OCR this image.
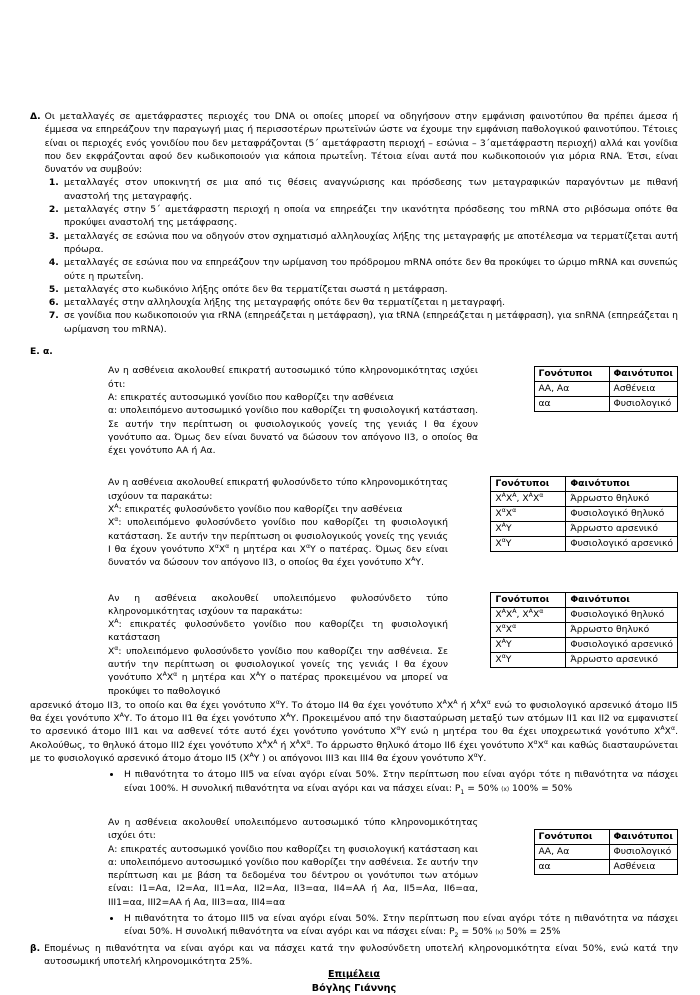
Δ. Οι μεταλλαγές σε αμετάφραστες περιοχές του DNA οι οποίες μπορεί να οδηγήσουν στην εμφάνιση φαινοτύπου θα πρέπει άμεσα ή έμμεσα να επηρεάζουν την παραγωγή μιας ή περισσοτέρων πρωτεϊνών ώστε να έχουμε την εμφάνιση παθολογικού φαινοτύπου. Τέτοιες είναι οι περιοχές ενός γονιδίου που δεν μεταφράζονται (5΄ αμετάφραστη περιοχή – εσώνια – 3΄αμετάφραστη περιοχή) αλλά και γονίδια που δεν εκφράζονται αφού δεν κωδικοποιούν για κάποια πρωτεΐνη. Τέτοια είναι αυτά που κωδικοποιούν για μόρια RNA. Έτσι, είναι δυνατόν να συμβούν:

1. μεταλλαγές στον υποκινητή σε μια από τις θέσεις αναγνώρισης και πρόσδεσης των μεταγραφικών παραγόντων με πιθανή αναστολή της μεταγραφής.
2. μεταλλαγές στην 5΄ αμετάφραστη περιοχή η οποία να επηρεάζει την ικανότητα πρόσδεσης του mRNA στο ριβόσωμα οπότε θα προκύψει αναστολή της μετάφρασης.
3. μεταλλαγές σε εσώνια που να οδηγούν στον σχηματισμό αλληλουχίας λήξης της μεταγραφής με αποτέλεσμα να τερματίζεται αυτή πρόωρα.
4. μεταλλαγές σε εσώνια που να επηρεάζουν την ωρίμανση του πρόδρομου mRNA οπότε δεν θα προκύψει το ώριμο mRNA και συνεπώς ούτε η πρωτεΐνη.
5. μεταλλαγές στο κωδικόνιο λήξης οπότε δεν θα τερματίζεται σωστά η μετάφραση.
6. μεταλλαγές στην αλληλουχία λήξης της μεταγραφής οπότε δεν θα τερματίζεται η μεταγραφή.
7. σε γονίδια που κωδικοποιούν για rRNA (επηρεάζεται η μετάφραση), για tRNA (επηρεάζεται η μετάφραση), για snRNA (επηρεάζεται η ωρίμανση του mRNA).
Ε. α.
Γονότυποι	Φαινότυποι
ΑΑ, Αα	Ασθένεια
αα	Φυσιολογικό
Αν η ασθένεια ακολουθεί επικρατή αυτοσωμικό τύπο κληρονομικότητας ισχύει ότι:
Α: επικρατές αυτοσωμικό γονίδιο που καθορίζει την ασθένεια
α: υπολειπόμενο αυτοσωμικό γονίδιο που καθορίζει τη φυσιολογική κατάσταση. Σε αυτήν την περίπτωση οι φυσιολογικούς γονείς της γενιάς Ι θα έχουν γονότυπο αα. Όμως δεν είναι δυνατό να δώσουν τον απόγονο ΙΙ3, ο οποίος θα έχει γονότυπο ΑΑ ή Αα.
Γονότυποι	Φαινότυποι
$X^AX^A$, $X^AX^\alpha$	Άρρωστο θηλυκό
$X^\alpha X^\alpha$	Φυσιολογικό θηλυκό
$X^A\Upsilon$	Άρρωστο αρσενικό
$X^\alpha\Upsilon$	Φυσιολογικό αρσενικό
Αν η ασθένεια ακολουθεί επικρατή φυλοσύνδετο τύπο κληρονομικότητας ισχύουν τα παρακάτω:
$X^A$: επικρατές φυλοσύνδετο γονίδιο που καθορίζει την ασθένεια
$X^\alpha$: υπολειπόμενο φυλοσύνδετο γονίδιο που καθορίζει τη φυσιολογική κατάσταση. Σε αυτήν την περίπτωση οι φυσιολογικούς γονείς της γενιάς Ι θα έχουν γονότυπο $X^\alpha X^\alpha$ η μητέρα και $X^\alpha\Upsilon$ ο πατέρας. Όμως δεν είναι δυνατόν να δώσουν τον απόγονο ΙΙ3, ο οποίος θα έχει γονότυπο $X^A\Upsilon$.
Γονότυποι	Φαινότυποι
$X^AX^A$, $X^AX^\alpha$	Φυσιολογικό θηλυκό
$X^\alpha X^\alpha$	Άρρωστο θηλυκό
$X^A\Upsilon$	Φυσιολογικό αρσενικό
$X^\alpha\Upsilon$	Άρρωστο αρσενικό
Αν η ασθένεια ακολουθεί υπολειπόμενο φυλοσύνδετο τύπο κληρονομικότητας ισχύουν τα παρακάτω:
$X^A$: επικρατές φυλοσύνδετο γονίδιο που καθορίζει τη φυσιολογική κατάσταση
$X^\alpha$: υπολειπόμενο φυλοσύνδετο γονίδιο που καθορίζει την ασθένεια. Σε αυτήν την περίπτωση οι φυσιολογικοί γονείς της γενιάς Ι θα έχουν γονότυπο $X^AX^\alpha$ η μητέρα και $X^A\Upsilon$ ο πατέρας προκειμένου να μπορεί να προκύψει το παθολογικό
αρσενικό άτομο ΙΙ3, το οποίο και θα έχει γονότυπο $X^\alpha\Upsilon$. Το άτομο ΙΙ4 θα έχει γονότυπο $X^AX^A$ ή $X^AX^\alpha$ ενώ το φυσιολογικό αρσενικό άτομο ΙΙ5 θα έχει γονότυπο $X^A\Upsilon$. Το άτομο ΙΙ1 θα έχει γονότυπο $X^A\Upsilon$. Προκειμένου από την διασταύρωση μεταξύ των ατόμων ΙΙ1 και ΙΙ2 να εμφανιστεί το αρσενικό άτομο ΙΙΙ1 και να ασθενεί τότε αυτό έχει γονότυπο γονότυπο $X^\alpha\Upsilon$ ενώ η μητέρα του θα έχει υποχρεωτικά γονότυπο $X^AX^\alpha$. Ακολούθως, το θηλυκό άτομο ΙΙΙ2 έχει γονότυπο $X^AX^A$ ή $X^AX^\alpha$. Το άρρωστο θηλυκό άτομο ΙΙ6 έχει γονότυπο $X^\alpha X^\alpha$ και καθώς διασταυρώνεται με το φυσιολογικό αρσενικό άτομο άτομο ΙΙ5 ($X^A\Upsilon$ ) οι απόγονοι ΙΙΙ3 και ΙΙΙ4 θα έχουν γονότυπο $X^\alpha\Upsilon$.
• Η πιθανότητα το άτομο ΙΙΙ5 να είναι αγόρι είναι 50%. Στην περίπτωση που είναι αγόρι τότε η πιθανότητα να πάσχει είναι 100%. Η συνολική πιθανότητα να είναι αγόρι και να πάσχει είναι: $P_1 = 50\%$ (x) 100% = 50%
Γονότυποι	Φαινότυποι
ΑΑ, Αα	Φυσιολογικό
αα	Ασθένεια
Αν η ασθένεια ακολουθεί υπολειπόμενο αυτοσωμικό τύπο κληρονομικότητας ισχύει ότι:
Α: επικρατές αυτοσωμικό γονίδιο που καθορίζει τη φυσιολογική κατάσταση και α: υπολειπόμενο αυτοσωμικό γονίδιο που καθορίζει την ασθένεια. Σε αυτήν την περίπτωση και με βάση τα δεδομένα του δέντρου οι γονότυποι των ατόμων είναι: Ι1=Αα, Ι2=Αα, ΙΙ1=Αα, ΙΙ2=Αα, ΙΙ3=αα, ΙΙ4=ΑΑ ή Αα, ΙΙ5=Αα, ΙΙ6=αα, ΙΙΙ1=αα, ΙΙΙ2=ΑΑ ή Αα, ΙΙΙ3=αα, ΙΙΙ4=αα
• Η πιθανότητα το άτομο ΙΙΙ5 να είναι αγόρι είναι 50%. Στην περίπτωση που είναι αγόρι τότε η πιθανότητα να πάσχει είναι 50%. Η συνολική πιθανότητα να είναι αγόρι και να πάσχει είναι: $P_2 = 50\%$ (x) 50% = 25%
β. Επομένως η πιθανότητα να είναι αγόρι και να πάσχει κατά την φυλοσύνδετη υποτελή κληρονομικότητα είναι 50%, ενώ κατά την αυτοσωμική υποτελή κληρονομικότητα 25%.
Επιμέλεια
Βόγλης Γιάννης
